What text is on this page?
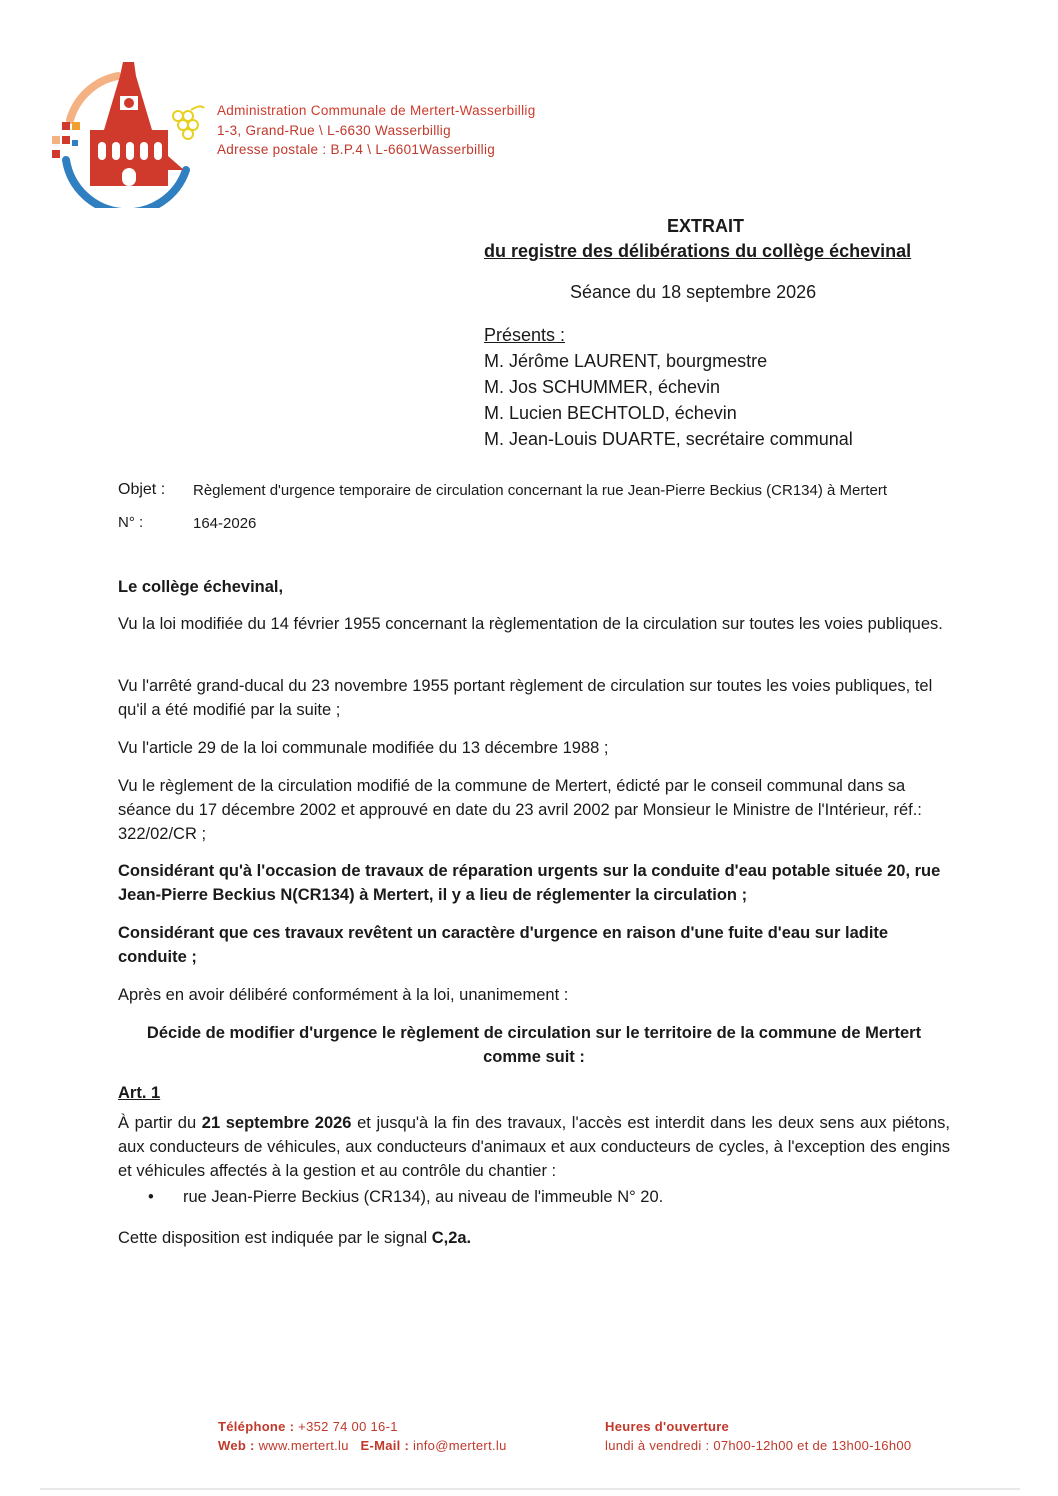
Administration Communale de Mertert-Wasserbillig
1-3, Grand-Rue \ L-6630 Wasserbillig
Adresse postale : B.P.4 \ L-6601Wasserbillig
EXTRAIT
du registre des délibérations du collège échevinal
Séance du 18 septembre 2026
Présents :
M. Jérôme LAURENT, bourgmestre
M. Jos SCHUMMER, échevin
M. Lucien BECHTOLD, échevin
M. Jean-Louis DUARTE, secrétaire communal
Objet : Règlement d'urgence temporaire de circulation concernant la rue Jean-Pierre Beckius (CR134) à Mertert
N° :	164-2026
Le collège échevinal,
Vu la loi modifiée du 14 février 1955 concernant la règlementation de la circulation sur toutes les voies publiques.
Vu l'arrêté grand-ducal du 23 novembre 1955 portant règlement de circulation sur toutes les voies publiques, tel qu'il a été modifié par la suite ;
Vu l'article 29 de la loi communale modifiée du 13 décembre 1988 ;
Vu le règlement de la circulation modifié de la commune de Mertert, édicté par le conseil communal dans sa séance du 17 décembre 2002 et approuvé en date du 23 avril 2002 par Monsieur le Ministre de l'Intérieur, réf.: 322/02/CR ;
Considérant qu'à l'occasion de travaux de réparation urgents sur la conduite d'eau potable située 20, rue Jean-Pierre Beckius N(CR134) à Mertert, il y a lieu de réglementer la circulation ;
Considérant que ces travaux revêtent un caractère d'urgence en raison d'une fuite d'eau sur ladite conduite ;
Après en avoir délibéré conformément à la loi, unanimement :
Décide de modifier d'urgence le règlement de circulation sur le territoire de la commune de Mertert comme suit :
Art. 1
À partir du 21 septembre 2026 et jusqu'à la fin des travaux, l'accès est interdit dans les deux sens aux piétons, aux conducteurs de véhicules, aux conducteurs d'animaux et aux conducteurs de cycles, à l'exception des engins et véhicules affectés à la gestion et au contrôle du chantier :
• rue Jean-Pierre Beckius (CR134), au niveau de l'immeuble N° 20.
Cette disposition est indiquée par le signal C,2a.
Téléphone : +352 74 00 16-1
Web : www.mertert.lu E-Mail : info@mertert.lu
Heures d'ouverture
lundi à vendredi : 07h00-12h00 et de 13h00-16h00
